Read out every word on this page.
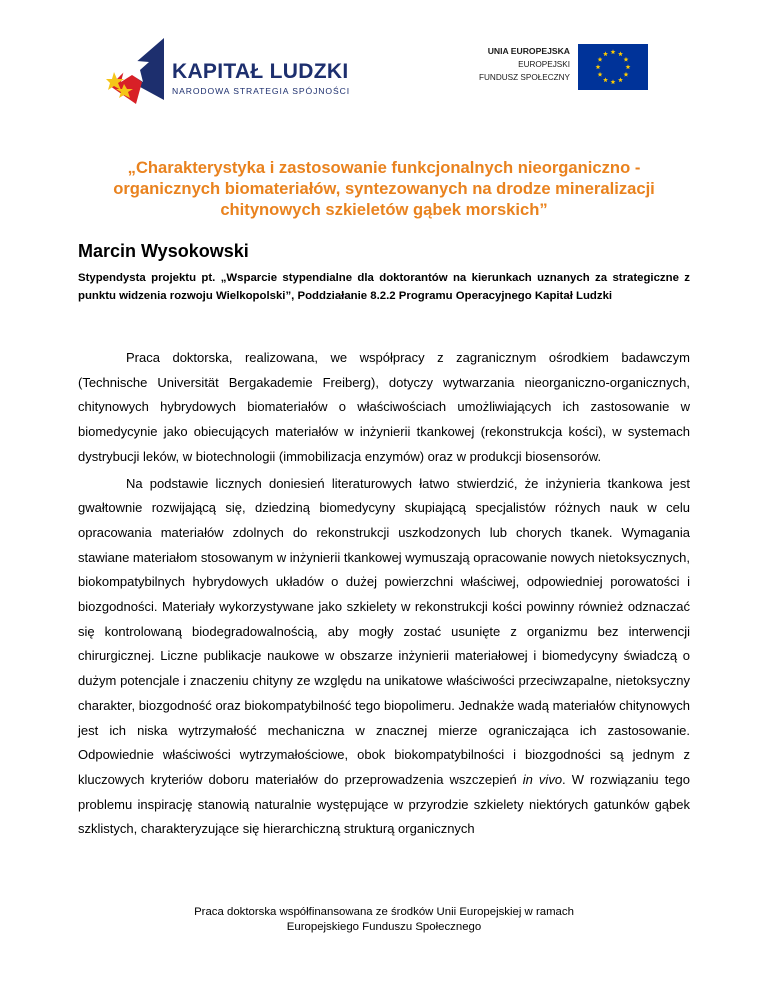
KAPITAŁ LUDZKI
NARODOWA STRATEGIA SPÓJNOŚCI
UNIA EUROPEJSKA
EUROPEJSKI
FUNDUSZ SPOŁECZNY
„Charakterystyka i zastosowanie funkcjonalnych nieorganiczno -organicznych biomateriałów, syntezowanych na drodze mineralizacji chitynowych szkieletów gąbek morskich”
Marcin Wysokowski

Stypendysta projektu pt. „Wsparcie stypendialne dla doktorantów na kierunkach uznanych za strategiczne z punktu widzenia rozwoju Wielkopolski”, Poddziałanie 8.2.2 Programu Operacyjnego Kapitał Ludzki

Praca doktorska, realizowana, we współpracy z zagranicznym ośrodkiem badawczym (Technische Universität Bergakademie Freiberg), dotyczy wytwarzania nieorganiczno-organicznych, chitynowych hybrydowych biomateriałów o właściwościach umożliwiających ich zastosowanie w biomedycynie jako obiecujących materiałów w inżynierii tkankowej (rekonstrukcja kości), w systemach dystrybucji leków, w biotechnologii (immobilizacja enzymów) oraz w produkcji biosensorów.

Na podstawie licznych doniesień literaturowych łatwo stwierdzić, że inżynieria tkankowa jest gwałtownie rozwijającą się, dziedziną biomedycyny skupiającą specjalistów różnych nauk w celu opracowania materiałów zdolnych do rekonstrukcji uszkodzonych lub chorych tkanek. Wymagania stawiane materiałom stosowanym w inżynierii tkankowej wymuszają opracowanie nowych nietoksycznych, biokompatybilnych hybrydowych układów o dużej powierzchni właściwej, odpowiedniej porowatości i biozgodności. Materiały wykorzystywane jako szkielety w rekonstrukcji kości powinny również odznaczać się kontrolowaną biodegradowalnością, aby mogły zostać usunięte z organizmu bez interwencji chirurgicznej. Liczne publikacje naukowe w obszarze inżynierii materiałowej i biomedycyny świadczą o dużym potencjale i znaczeniu chityny ze względu na unikatowe właściwości przeciwzapalne, nietoksyczny charakter, biozgodność oraz biokompatybilność tego biopolimeru. Jednakże wadą materiałów chitynowych jest ich niska wytrzymałość mechaniczna w znacznej mierze ograniczająca ich zastosowanie. Odpowiednie właściwości wytrzymałościowe, obok biokompatybilności i biozgodności są jednym z kluczowych kryteriów doboru materiałów do przeprowadzenia wszczepień in vivo. W rozwiązaniu tego problemu inspirację stanowią naturalnie występujące w przyrodzie szkielety niektórych gatunków gąbek szklistych, charakteryzujące się hierarchiczną strukturą organicznych

Praca doktorska współfinansowana ze środków Unii Europejskiej w ramach
Europejskiego Funduszu Społecznego
